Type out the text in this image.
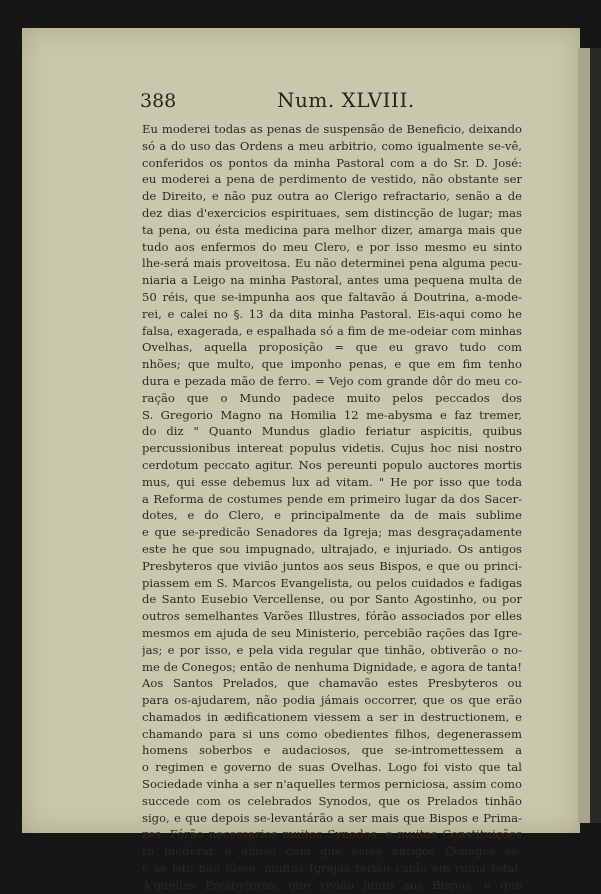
388	Num. XLVIII.
Eu moderei todas as penas de suspensão de Beneficio, deixando
só a do uso das Ordens a meu arbitrio, como igualmente se-vê,
conferidos os pontos da minha Pastoral com a do Sr. D. José:
eu moderei a pena de perdimento de vestido, não obstante ser
de Direito, e não puz outra ao Clerigo refractario, senão a de
dez dias d'exercicios espirituaes, sem distincção de lugar; mas
ta pena, ou ésta medicina para melhor dizer, amarga mais que
tudo aos enfermos do meu Clero, e por isso mesmo eu sinto
lhe-será mais proveitosa. Eu não determinei pena alguma pecu-
niaria a Leigo na minha Pastoral, antes uma pequena multa de
50 réis, que se-impunha aos que faltavão á Doutrina, a-mode-
rei, e calei no §. 13 da dita minha Pastoral. Eis-aqui como he
falsa, exagerada, e espalhada só a fim de me-odeiar com minhas
Ovelhas, aquella proposição = que eu gravo tudo com
nhões; que multo, que imponho penas, e que em fim tenho
dura e pezada mão de ferro. = Vejo com grande dôr do meu co-
ração que o Mundo padece muito pelos peccados dos
S. Gregorio Magno na Homilia 12 me-abysma e faz tremer,
do diz " Quanto Mundus gladio feriatur aspicitis, quibus
percussionibus intereat populus videtis. Cujus hoc nisi nostro
cerdotum peccato agitur. Nos pereunti populo auctores mortis
mus, qui esse debemus lux ad vitam. " He por isso que toda
a Reforma de costumes pende em primeiro lugar da dos Sacer-
dotes, e do Clero, e principalmente da de mais sublime
e que se-predicão Senadores da Igreja; mas desgraçadamente
este he que sou impugnado, ultrajado, e injuriado. Os antigos
Presbyteros que vivião juntos aos seus Bispos, e que ou princi-
piassem em S. Marcos Evangelista, ou pelos cuidados e fadigas
de Santo Eusebio Vercellense, ou por Santo Agostinho, ou por
outros semelhantes Varões Illustres, fórão associados por elles
mesmos em ajuda de seu Ministerio, percebião rações das Igre-
jas; e por isso, e pela vida regular que tinhão, obtiverão o no-
me de Conegos; então de nenhuma Dignidade, e agora de tanta!
Aos Santos Prelados, que chamavão estes Presbyteros ou
para os-ajudarem, não podia jámais occorrer, que os que erão
chamados in ædificationem viessem a ser in destructionem, e
chamando para si uns como obedientes filhos, degenerassem
homens soberbos e audaciosos, que se-intromettessem a
o regimen e governo de suas Ovelhas. Logo foi visto que tal
Sociedade vinha a ser n'aquelles termos perniciosa, assim como
succede com os celebrados Synodos, que os Prelados tinhão
sigo, e que depois se-levantárão a ser mais que Bispos e Prima-
zes. Fórão necessarios muitos Synodos, e muitas Constituições
ra moderar o abuso com que estes antigos Conegos se-
e se isto não fôsse, muitas Igrejas terião caído em ruina total.
A'quelles Presbyteros, que vivião junto aos Bispos, e que
